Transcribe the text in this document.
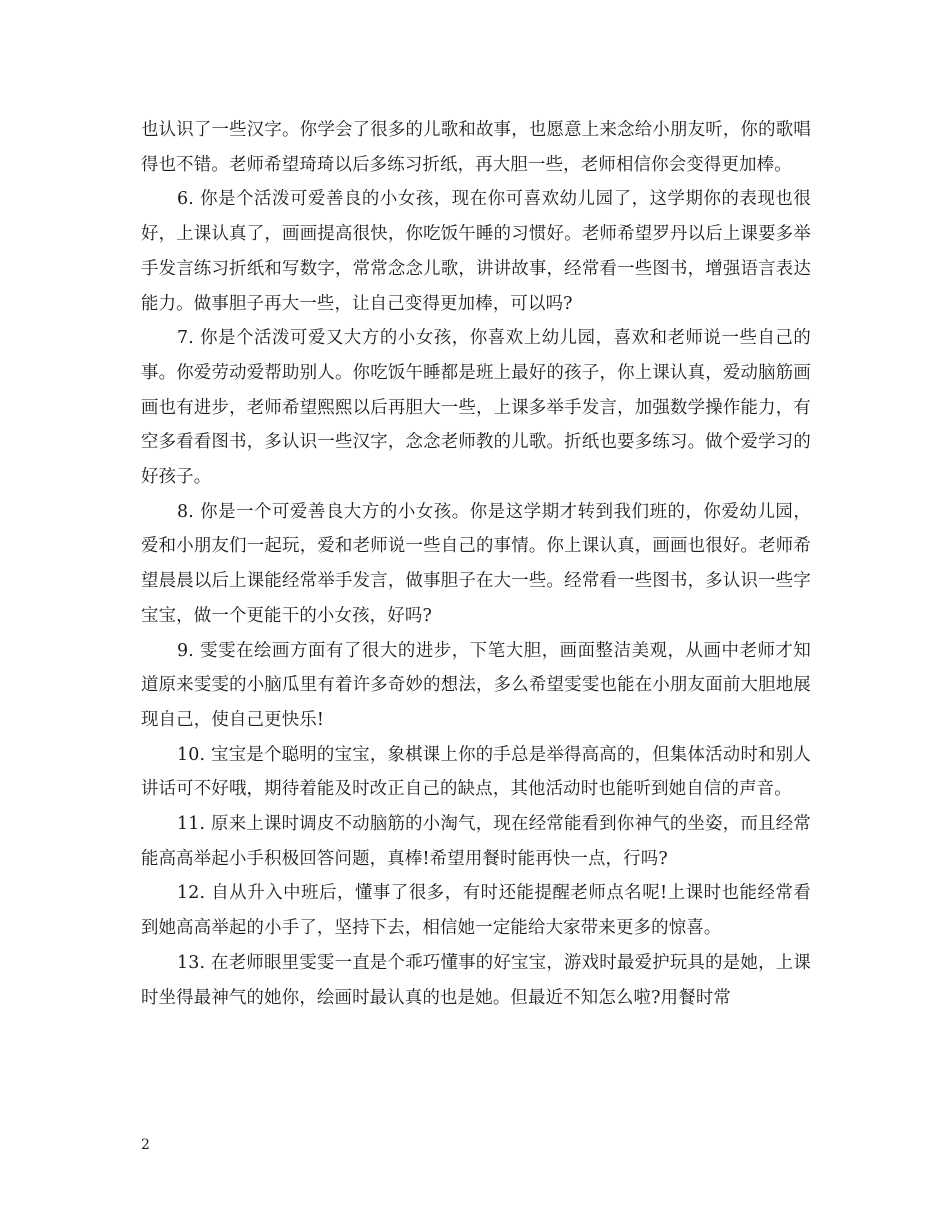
也认识了一些汉字。你学会了很多的儿歌和故事，也愿意上来念给小朋友听，你的歌唱得也不错。老师希望琦琦以后多练习折纸，再大胆一些，老师相信你会变得更加棒。

6. 你是个活泼可爱善良的小女孩，现在你可喜欢幼儿园了，这学期你的表现也很好，上课认真了，画画提高很快，你吃饭午睡的习惯好。老师希望罗丹以后上课要多举手发言练习折纸和写数字，常常念念儿歌，讲讲故事，经常看一些图书，增强语言表达能力。做事胆子再大一些，让自己变得更加棒，可以吗?

7. 你是个活泼可爱又大方的小女孩，你喜欢上幼儿园，喜欢和老师说一些自己的事。你爱劳动爱帮助别人。你吃饭午睡都是班上最好的孩子，你上课认真，爱动脑筋画画也有进步，老师希望熙熙以后再胆大一些，上课多举手发言，加强数学操作能力，有空多看看图书，多认识一些汉字，念念老师教的儿歌。折纸也要多练习。做个爱学习的好孩子。

8. 你是一个可爱善良大方的小女孩。你是这学期才转到我们班的，你爱幼儿园，爱和小朋友们一起玩，爱和老师说一些自己的事情。你上课认真，画画也很好。老师希望晨晨以后上课能经常举手发言，做事胆子在大一些。经常看一些图书，多认识一些字宝宝，做一个更能干的小女孩，好吗?

9. 雯雯在绘画方面有了很大的进步，下笔大胆，画面整洁美观，从画中老师才知道原来雯雯的小脑瓜里有着许多奇妙的想法，多么希望雯雯也能在小朋友面前大胆地展现自己，使自己更快乐!

10. 宝宝是个聪明的宝宝，象棋课上你的手总是举得高高的，但集体活动时和别人讲话可不好哦，期待着能及时改正自己的缺点，其他活动时也能听到她自信的声音。

11. 原来上课时调皮不动脑筋的小淘气，现在经常能看到你神气的坐姿，而且经常能高高举起小手积极回答问题，真棒!希望用餐时能再快一点，行吗?

12. 自从升入中班后，懂事了很多，有时还能提醒老师点名呢!上课时也能经常看到她高高举起的小手了，坚持下去，相信她一定能给大家带来更多的惊喜。

13. 在老师眼里雯雯一直是个乖巧懂事的好宝宝，游戏时最爱护玩具的是她，上课时坐得最神气的她你，绘画时最认真的也是她。但最近不知怎么啦?用餐时常

2
